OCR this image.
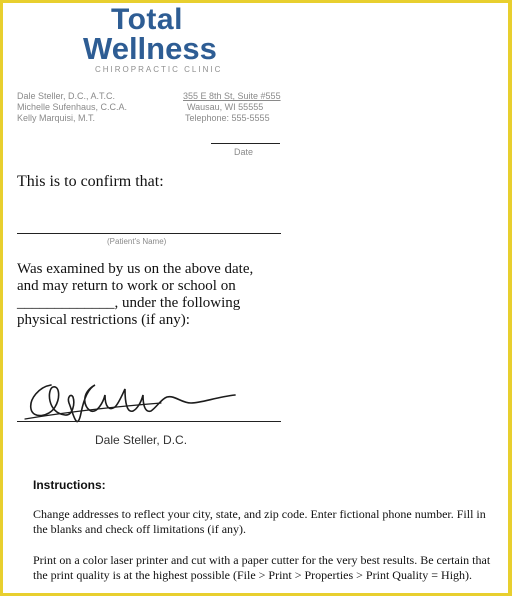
Total
Wellness
CHIROPRACTIC CLINIC
Dale Steller, D.C., A.T.C.
Michelle Sufenhaus, C.C.A.
Kelly Marquisi, M.T.
355 E 8th St, Suite #555
Wausau, WI 55555
Telephone: 555-5555
Date
This is to confirm that:
(Patient's Name)
Was examined by us on the above date,
and may return to work or school on
_____________, under the following
physical restrictions (if any):
Dale Steller, D.C.
Instructions:
Change addresses to reflect your city, state, and zip code. Enter fictional phone number. Fill in the blanks and check off limitations (if any).
Print on a color laser printer and cut with a paper cutter for the very best results. Be certain that the print quality is at the highest possible (File > Print > Properties > Print Quality = High).
